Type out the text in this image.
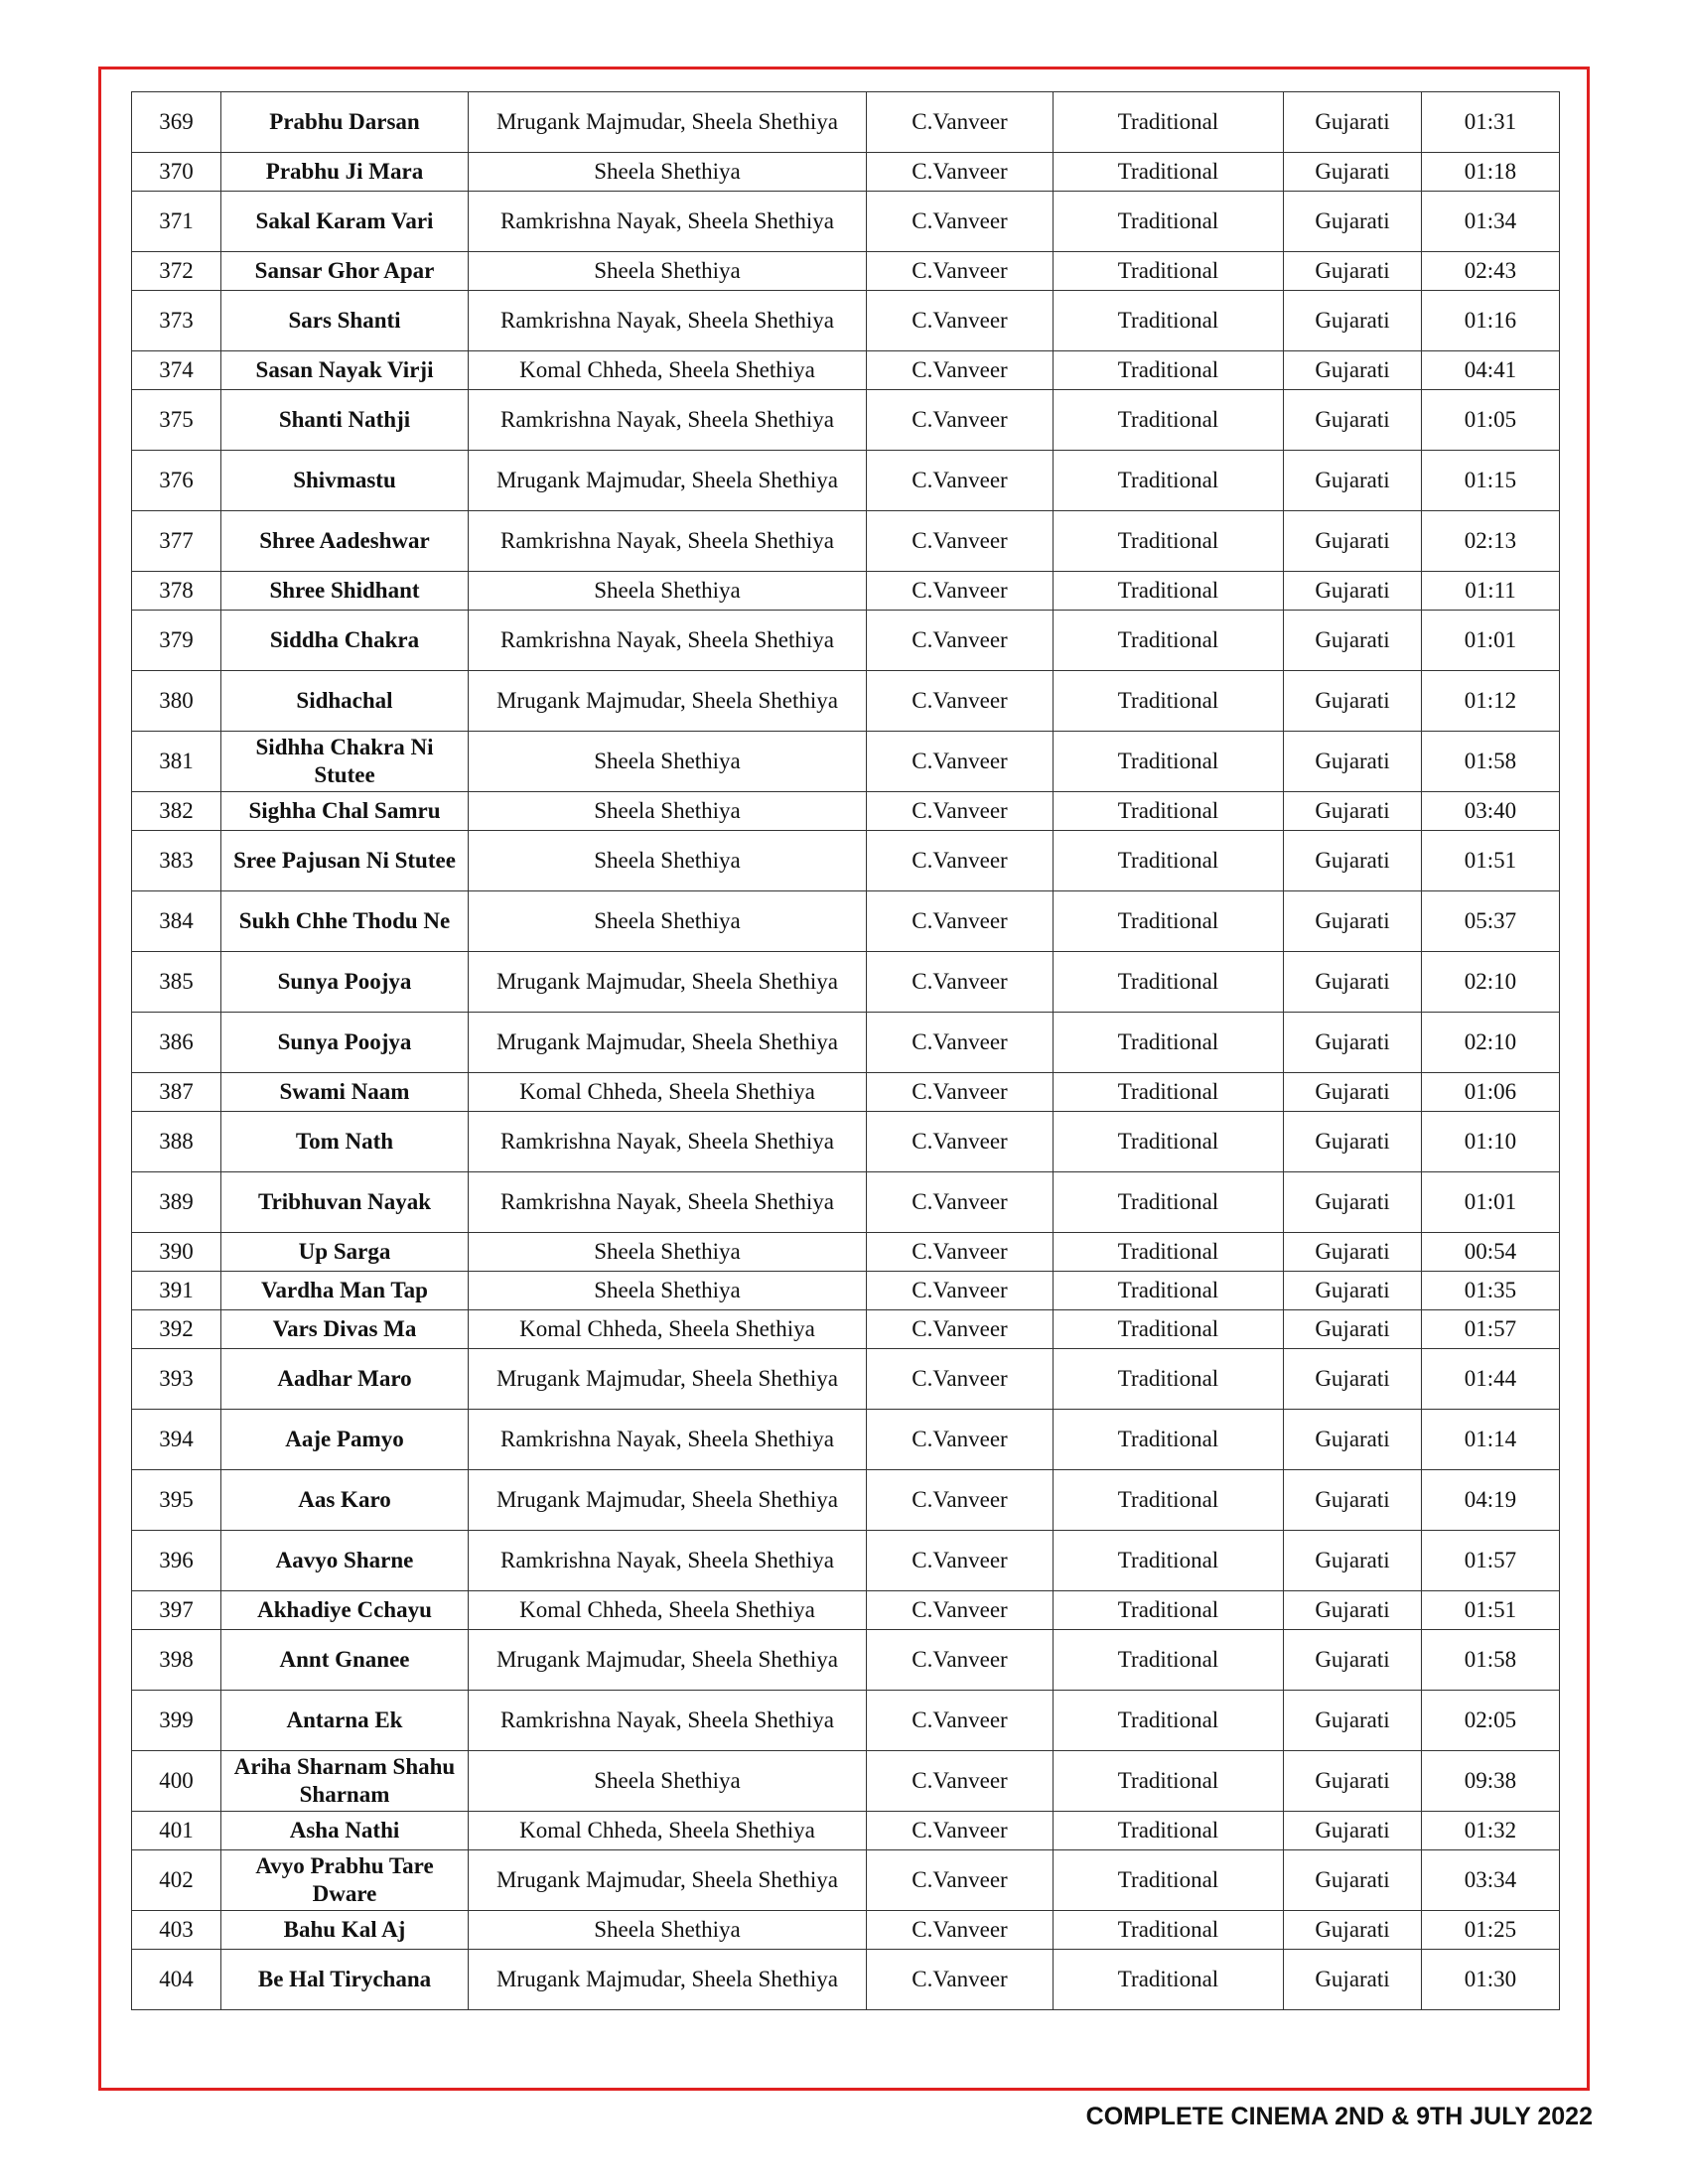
369	Prabhu Darsan	Mrugank Majmudar, Sheela Shethiya	C.Vanveer	Traditional	Gujarati	01:31
370	Prabhu Ji Mara	Sheela Shethiya	C.Vanveer	Traditional	Gujarati	01:18
371	Sakal Karam Vari	Ramkrishna Nayak, Sheela Shethiya	C.Vanveer	Traditional	Gujarati	01:34
372	Sansar Ghor Apar	Sheela Shethiya	C.Vanveer	Traditional	Gujarati	02:43
373	Sars Shanti	Ramkrishna Nayak, Sheela Shethiya	C.Vanveer	Traditional	Gujarati	01:16
374	Sasan Nayak Virji	Komal Chheda, Sheela Shethiya	C.Vanveer	Traditional	Gujarati	04:41
375	Shanti Nathji	Ramkrishna Nayak, Sheela Shethiya	C.Vanveer	Traditional	Gujarati	01:05
376	Shivmastu	Mrugank Majmudar, Sheela Shethiya	C.Vanveer	Traditional	Gujarati	01:15
377	Shree Aadeshwar	Ramkrishna Nayak, Sheela Shethiya	C.Vanveer	Traditional	Gujarati	02:13
378	Shree Shidhant	Sheela Shethiya	C.Vanveer	Traditional	Gujarati	01:11
379	Siddha Chakra	Ramkrishna Nayak, Sheela Shethiya	C.Vanveer	Traditional	Gujarati	01:01
380	Sidhachal	Mrugank Majmudar, Sheela Shethiya	C.Vanveer	Traditional	Gujarati	01:12
381	Sidhha Chakra Ni Stutee	Sheela Shethiya	C.Vanveer	Traditional	Gujarati	01:58
382	Sighha Chal Samru	Sheela Shethiya	C.Vanveer	Traditional	Gujarati	03:40
383	Sree Pajusan Ni Stutee	Sheela Shethiya	C.Vanveer	Traditional	Gujarati	01:51
384	Sukh Chhe Thodu Ne	Sheela Shethiya	C.Vanveer	Traditional	Gujarati	05:37
385	Sunya Poojya	Mrugank Majmudar, Sheela Shethiya	C.Vanveer	Traditional	Gujarati	02:10
386	Sunya Poojya	Mrugank Majmudar, Sheela Shethiya	C.Vanveer	Traditional	Gujarati	02:10
387	Swami Naam	Komal Chheda, Sheela Shethiya	C.Vanveer	Traditional	Gujarati	01:06
388	Tom Nath	Ramkrishna Nayak, Sheela Shethiya	C.Vanveer	Traditional	Gujarati	01:10
389	Tribhuvan Nayak	Ramkrishna Nayak, Sheela Shethiya	C.Vanveer	Traditional	Gujarati	01:01
390	Up Sarga	Sheela Shethiya	C.Vanveer	Traditional	Gujarati	00:54
391	Vardha Man Tap	Sheela Shethiya	C.Vanveer	Traditional	Gujarati	01:35
392	Vars Divas Ma	Komal Chheda, Sheela Shethiya	C.Vanveer	Traditional	Gujarati	01:57
393	Aadhar Maro	Mrugank Majmudar, Sheela Shethiya	C.Vanveer	Traditional	Gujarati	01:44
394	Aaje Pamyo	Ramkrishna Nayak, Sheela Shethiya	C.Vanveer	Traditional	Gujarati	01:14
395	Aas Karo	Mrugank Majmudar, Sheela Shethiya	C.Vanveer	Traditional	Gujarati	04:19
396	Aavyo Sharne	Ramkrishna Nayak, Sheela Shethiya	C.Vanveer	Traditional	Gujarati	01:57
397	Akhadiye Cchayu	Komal Chheda, Sheela Shethiya	C.Vanveer	Traditional	Gujarati	01:51
398	Annt Gnanee	Mrugank Majmudar, Sheela Shethiya	C.Vanveer	Traditional	Gujarati	01:58
399	Antarna Ek	Ramkrishna Nayak, Sheela Shethiya	C.Vanveer	Traditional	Gujarati	02:05
400	Ariha Sharnam Shahu Sharnam	Sheela Shethiya	C.Vanveer	Traditional	Gujarati	09:38
401	Asha Nathi	Komal Chheda, Sheela Shethiya	C.Vanveer	Traditional	Gujarati	01:32
402	Avyo Prabhu Tare Dware	Mrugank Majmudar, Sheela Shethiya	C.Vanveer	Traditional	Gujarati	03:34
403	Bahu Kal Aj	Sheela Shethiya	C.Vanveer	Traditional	Gujarati	01:25
404	Be Hal Tirychana	Mrugank Majmudar, Sheela Shethiya	C.Vanveer	Traditional	Gujarati	01:30
COMPLETE CINEMA 2ND & 9TH JULY 2022
